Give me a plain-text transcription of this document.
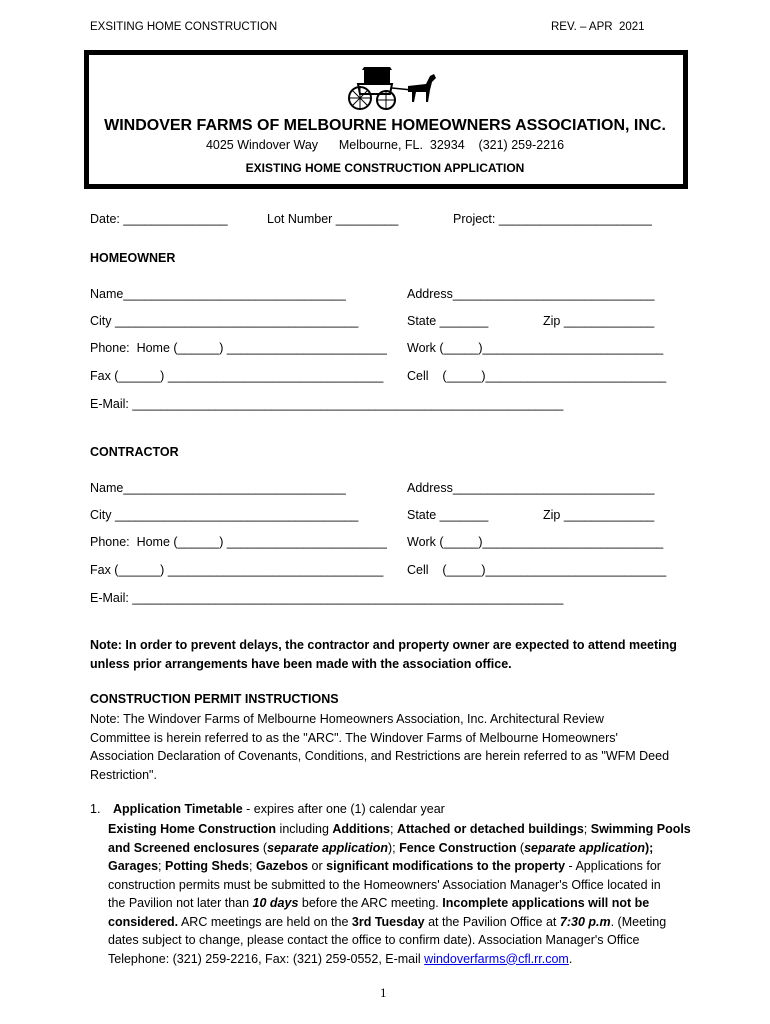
EXSITING HOME CONSTRUCTION	REV. – APR  2021
WINDOVER FARMS OF MELBOURNE HOMEOWNERS ASSOCIATION, INC.
4025 Windover Way      Melbourne, FL.  32934    (321) 259-2216
EXISTING HOME CONSTRUCTION APPLICATION
Date: _______________	Lot Number _________	Project: ______________________
HOMEOWNER
Name________________________________	Address_____________________________
City ___________________________________	State _______	Zip _____________
Phone:  Home (______) _______________________ Work (_____)__________________________
Fax (______) _______________________________ Cell    (_____)__________________________
E-Mail: ______________________________________________________________
CONTRACTOR
Name________________________________	Address_____________________________
City ___________________________________	State _______	Zip _____________
Phone:  Home (______) _______________________ Work (_____)__________________________
Fax (______) _______________________________ Cell    (_____)__________________________
E-Mail: ______________________________________________________________

Note: In order to prevent delays, the contractor and property owner are expected to attend meeting

unless prior arrangements have been made with the association office.

CONSTRUCTION PERMIT INSTRUCTIONS

Note: The Windover Farms of Melbourne Homeowners Association, Inc. Architectural Review

Committee is herein referred to as the "ARC". The Windover Farms of Melbourne Homeowners'

Association Declaration of Covenants, Conditions, and Restrictions are herein referred to as "WFM Deed

Restriction".

1. Application Timetable - expires after one (1) calendar year

Existing Home Construction including Additions; Attached or detached buildings; Swimming Pools

and Screened enclosures (separate application); Fence Construction (separate application);

Garages; Potting Sheds; Gazebos or significant modifications to the property - Applications for

construction permits must be submitted to the Homeowners' Association Manager's Office located in

the Pavilion not later than 10 days before the ARC meeting. Incomplete applications will not be

considered. ARC meetings are held on the 3rd Tuesday at the Pavilion Office at 7:30 p.m. (Meeting

dates subject to change, please contact the office to confirm date). Association Manager's Office

Telephone: (321) 259-2216, Fax: (321) 259-0552, E-mail windoverfarms@cfl.rr.com.

1
